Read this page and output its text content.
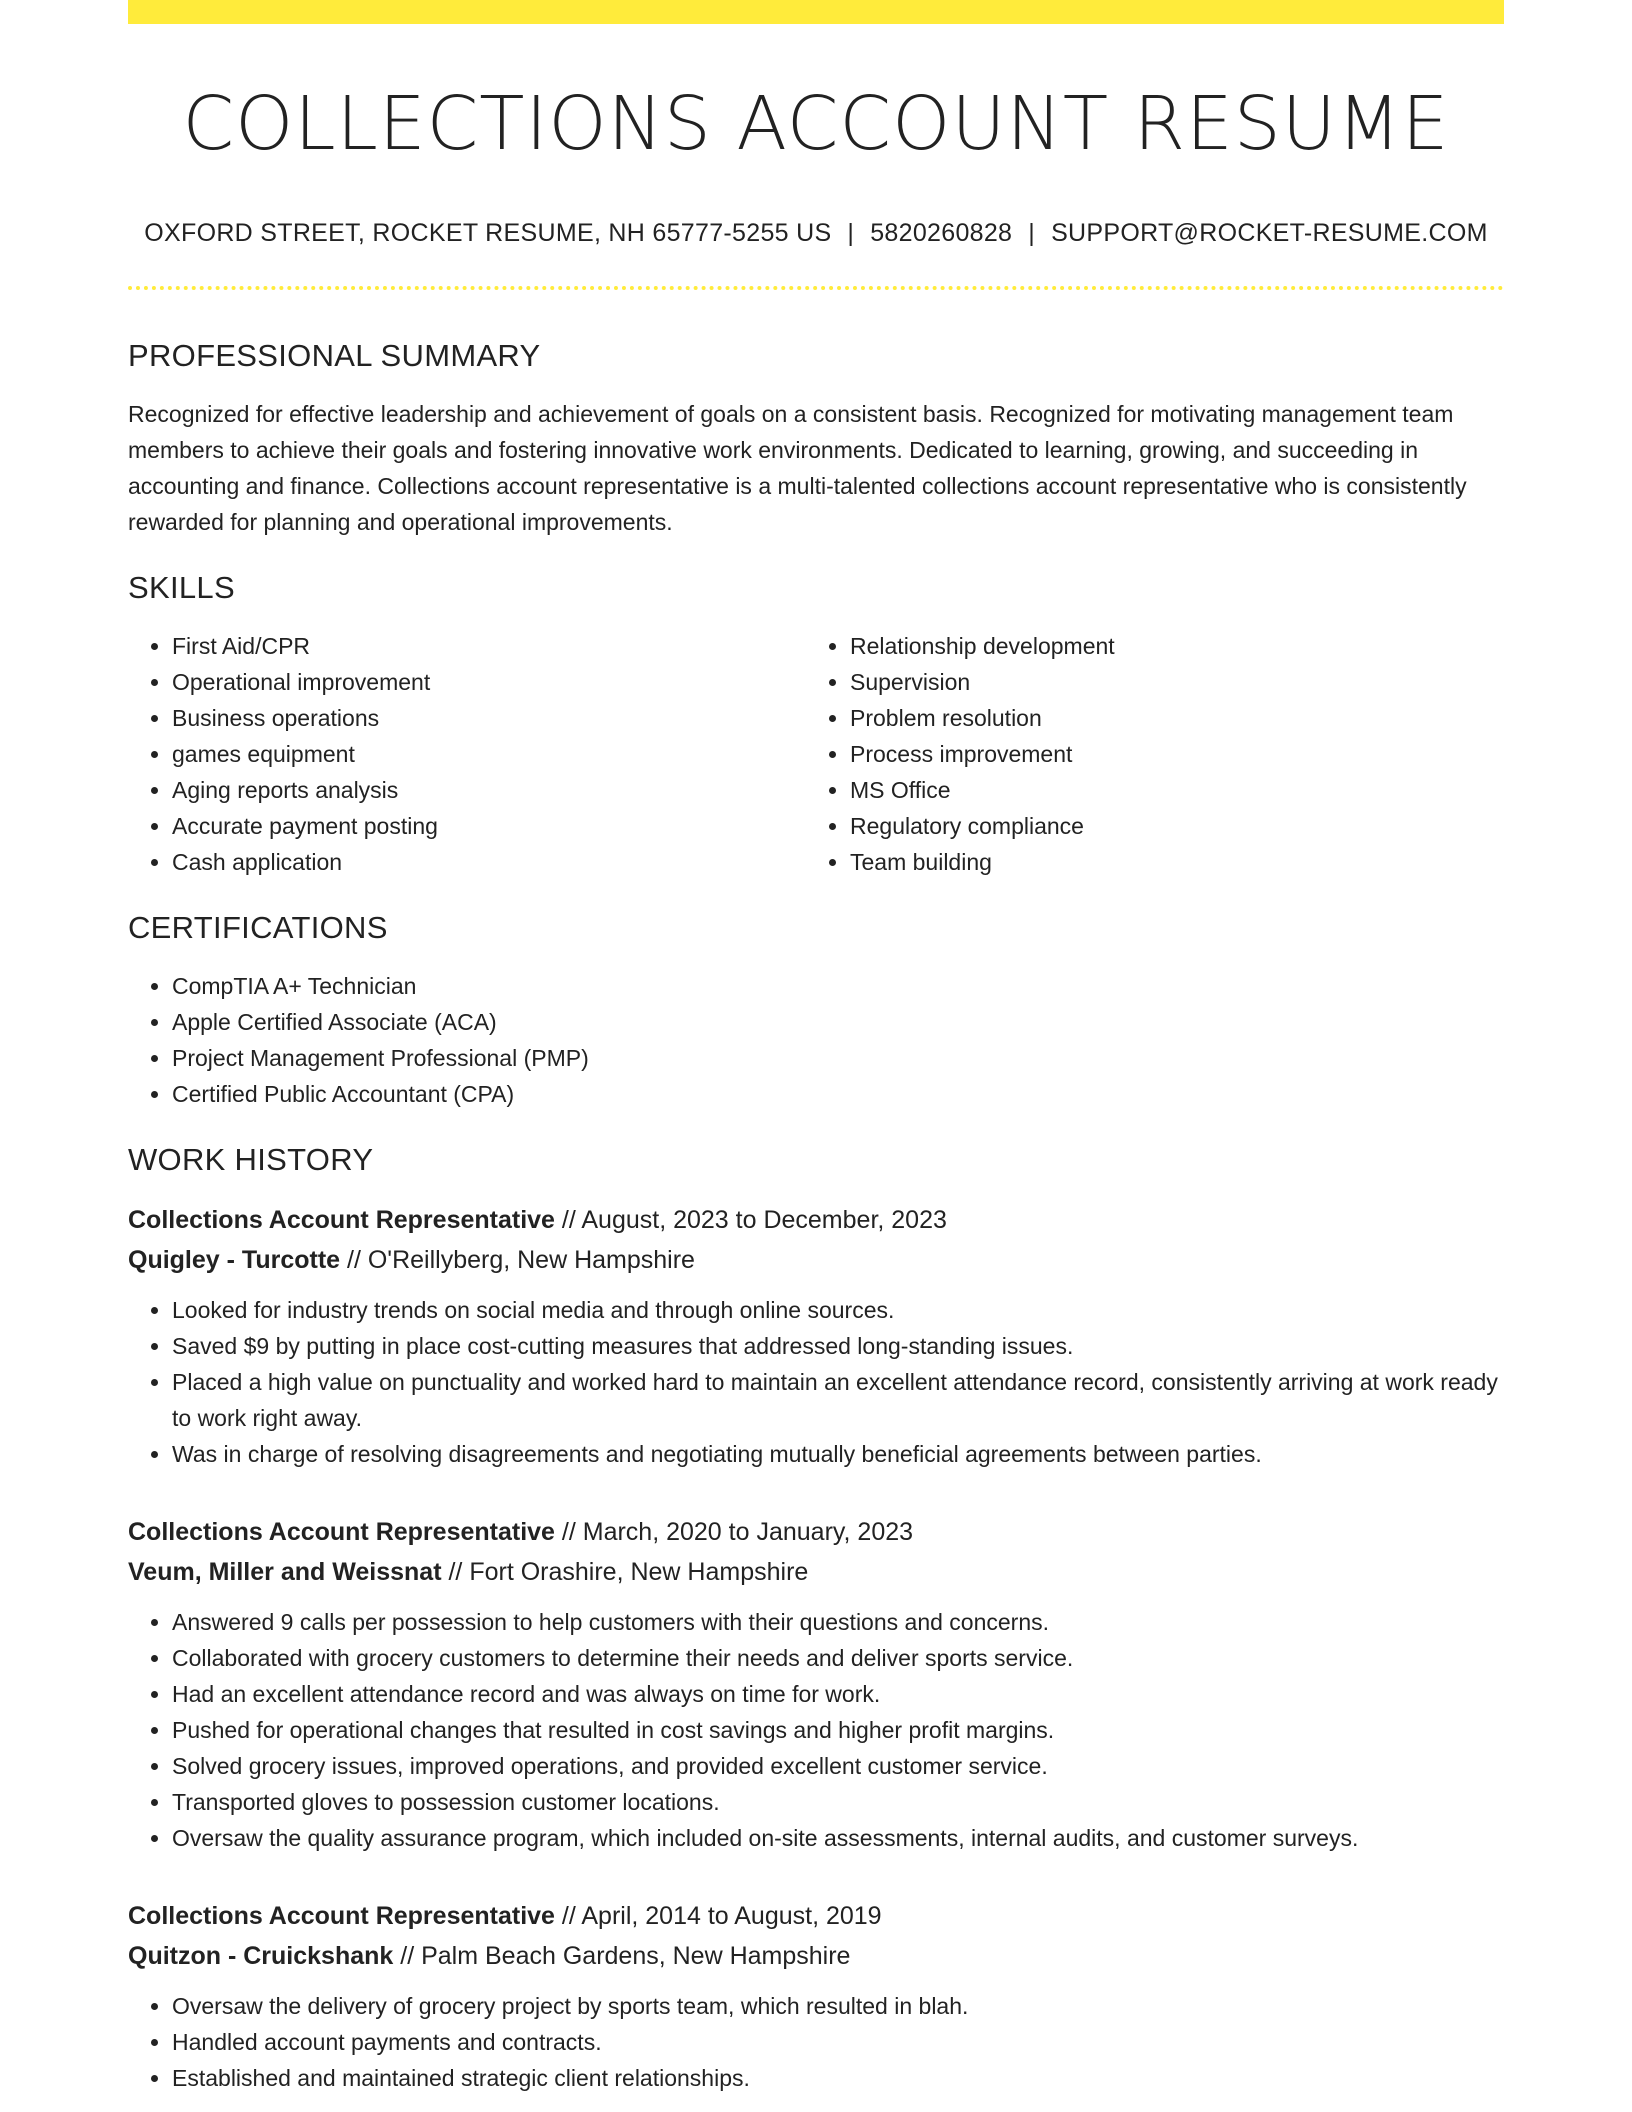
COLLECTIONS ACCOUNT RESUME
OXFORD STREET, ROCKET RESUME, NH 65777-5255 US | 5820260828 | SUPPORT@ROCKET-RESUME.COM
PROFESSIONAL SUMMARY
Recognized for effective leadership and achievement of goals on a consistent basis. Recognized for motivating management team members to achieve their goals and fostering innovative work environments. Dedicated to learning, growing, and succeeding in accounting and finance. Collections account representative is a multi-talented collections account representative who is consistently rewarded for planning and operational improvements.
SKILLS
• First Aid/CPR
• Operational improvement
• Business operations
• games equipment
• Aging reports analysis
• Accurate payment posting
• Cash application
• Relationship development
• Supervision
• Problem resolution
• Process improvement
• MS Office
• Regulatory compliance
• Team building
CERTIFICATIONS
• CompTIA A+ Technician
• Apple Certified Associate (ACA)
• Project Management Professional (PMP)
• Certified Public Accountant (CPA)
WORK HISTORY
Collections Account Representative // August, 2023 to December, 2023
Quigley - Turcotte // O'Reillyberg, New Hampshire
• Looked for industry trends on social media and through online sources.
• Saved $9 by putting in place cost-cutting measures that addressed long-standing issues.
• Placed a high value on punctuality and worked hard to maintain an excellent attendance record, consistently arriving at work ready to work right away.
• Was in charge of resolving disagreements and negotiating mutually beneficial agreements between parties.
Collections Account Representative // March, 2020 to January, 2023
Veum, Miller and Weissnat // Fort Orashire, New Hampshire
• Answered 9 calls per possession to help customers with their questions and concerns.
• Collaborated with grocery customers to determine their needs and deliver sports service.
• Had an excellent attendance record and was always on time for work.
• Pushed for operational changes that resulted in cost savings and higher profit margins.
• Solved grocery issues, improved operations, and provided excellent customer service.
• Transported gloves to possession customer locations.
• Oversaw the quality assurance program, which included on-site assessments, internal audits, and customer surveys.
Collections Account Representative // April, 2014 to August, 2019
Quitzon - Cruickshank // Palm Beach Gardens, New Hampshire
• Oversaw the delivery of grocery project by sports team, which resulted in blah.
• Handled account payments and contracts.
• Established and maintained strategic client relationships.
